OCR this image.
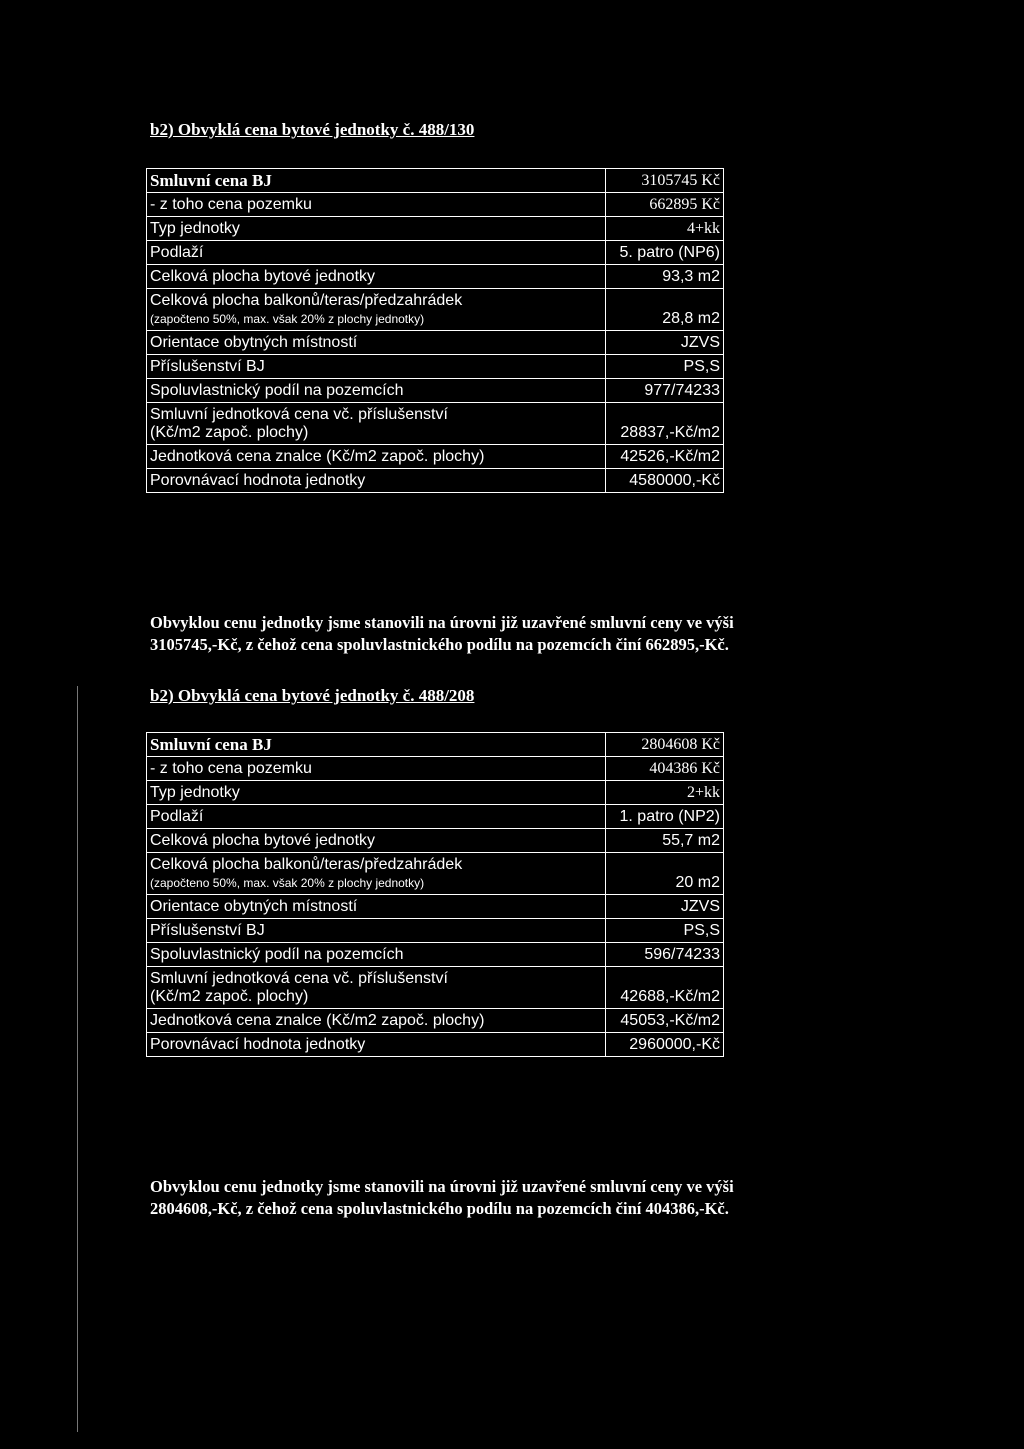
b2) Obvyklá cena bytové jednotky č. 488/130
Smluvní cena BJ	3105745 Kč
- z toho cena pozemku	662895 Kč
Typ jednotky	4+kk
Podlaží	5. patro (NP6)
Celková plocha bytové jednotky	93,3 m2

Celková plocha balkonů/teras/předzahrádek
(započteno 50%, max. však 20% z plochy jednotky)	28,8 m2
Orientace obytných místností	JZVS
Příslušenství BJ	PS,S
Spoluvlastnický podíl na pozemcích	977/74233

Smluvní jednotková cena vč. příslušenství
(Kč/m2 započ. plochy)	28837,-Kč/m2
Jednotková cena znalce (Kč/m2 započ. plochy)	42526,-Kč/m2
Porovnávací hodnota jednotky	4580000,-Kč

Obvyklou cenu jednotky jsme stanovili na úrovni již uzavřené smluvní ceny ve výši
3105745,-Kč, z čehož cena spoluvlastnického podílu na pozemcích činí 662895,-Kč.

b2) Obvyklá cena bytové jednotky č. 488/208
Smluvní cena BJ	2804608 Kč
- z toho cena pozemku	404386 Kč
Typ jednotky	2+kk
Podlaží	1. patro (NP2)
Celková plocha bytové jednotky	55,7 m2

Celková plocha balkonů/teras/předzahrádek
(započteno 50%, max. však 20% z plochy jednotky)	20 m2
Orientace obytných místností	JZVS
Příslušenství BJ	PS,S
Spoluvlastnický podíl na pozemcích	596/74233

Smluvní jednotková cena vč. příslušenství
(Kč/m2 započ. plochy)	42688,-Kč/m2
Jednotková cena znalce (Kč/m2 započ. plochy)	45053,-Kč/m2
Porovnávací hodnota jednotky	2960000,-Kč

Obvyklou cenu jednotky jsme stanovili na úrovni již uzavřené smluvní ceny ve výši
2804608,-Kč, z čehož cena spoluvlastnického podílu na pozemcích činí 404386,-Kč.
